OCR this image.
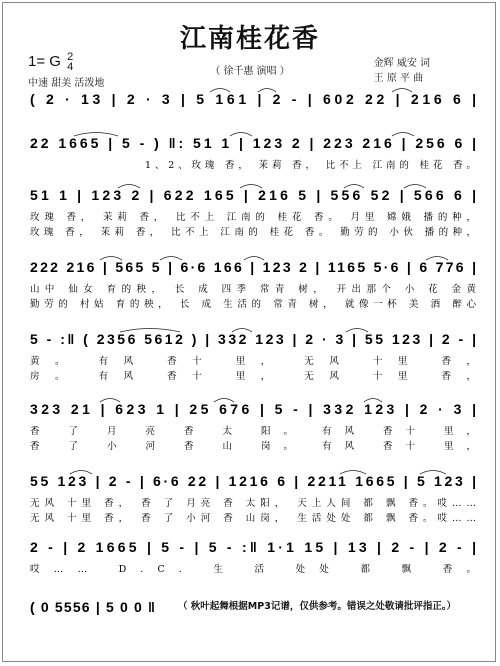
江南桂花香
（ 徐千惠 演唱 ）
1= G 2
4
中速 甜美 活泼地
金辉 威安 词
王 原 平 曲
( 2 · 13 | 2 · 3 | 5 161 | 2 - | 602 22 | 216 6 |
22 1665 | 5 - ) ‖: 51 1 | 123 2 | 223 216 | 256 6 |
1、2、玫瑰 香， 茉莉 香， 比不上 江南的 桂花 香。
51 1 | 123 2 | 622 165 | 216 5 | 556 52 | 566 6 |
玫瑰 香， 茉莉 香， 比不上 江南的 桂花 香。 月里 嫦娥 播的种，
玫瑰 香， 茉莉 香， 比不上 江南的 桂花 香。 勤劳的 小伙 播的种，
222 216 | 565 5 | 6·6 166 | 123 2 | 1165 5·6 | 6 776 |
山中 仙女 育的秧， 长 成 四季 常青 树， 开出那个 小 花 金黄
勤劳的 村姑 育的秧， 长 成 生活的 常青 树， 就像一杯 美 酒 醉心
5 - :‖ ( 2356 5612 ) | 332 123 | 2 · 3 | 55 123 | 2 - |
黄。 有风 香十 里， 无风 十里 香，
房。 有风 香十 里， 无风 十里 香，
323 21 | 623 1 | 25 676 | 5 - | 332 123 | 2 · 3 |
香 了 月 亮 香 太 阳。 有风 香十 里，
香 了 小 河 香 山 岗。 有风 香十 里，
55 123 | 2 - | 6·6 22 | 1216 6 | 2211 1665 | 5 123 |
无风 十里 香， 香 了 月亮 香 太阳， 天上人间 都 飘 香。哎……
无风 十里 香， 香 了 小河 香 山岗， 生活处处 都 飘 香。哎……
2 - | 2 1665 | 5 - | 5 - :‖ 1·1 15 | 13 | 2 - | 2 - |
哎…… D.C. 生 活 处处 都 飘 香。
( 0 5556 | 5 0 0 ‖ （ 秋叶起舞根据MP3记谱，仅供参考。错误之处敬请批评指正。）
